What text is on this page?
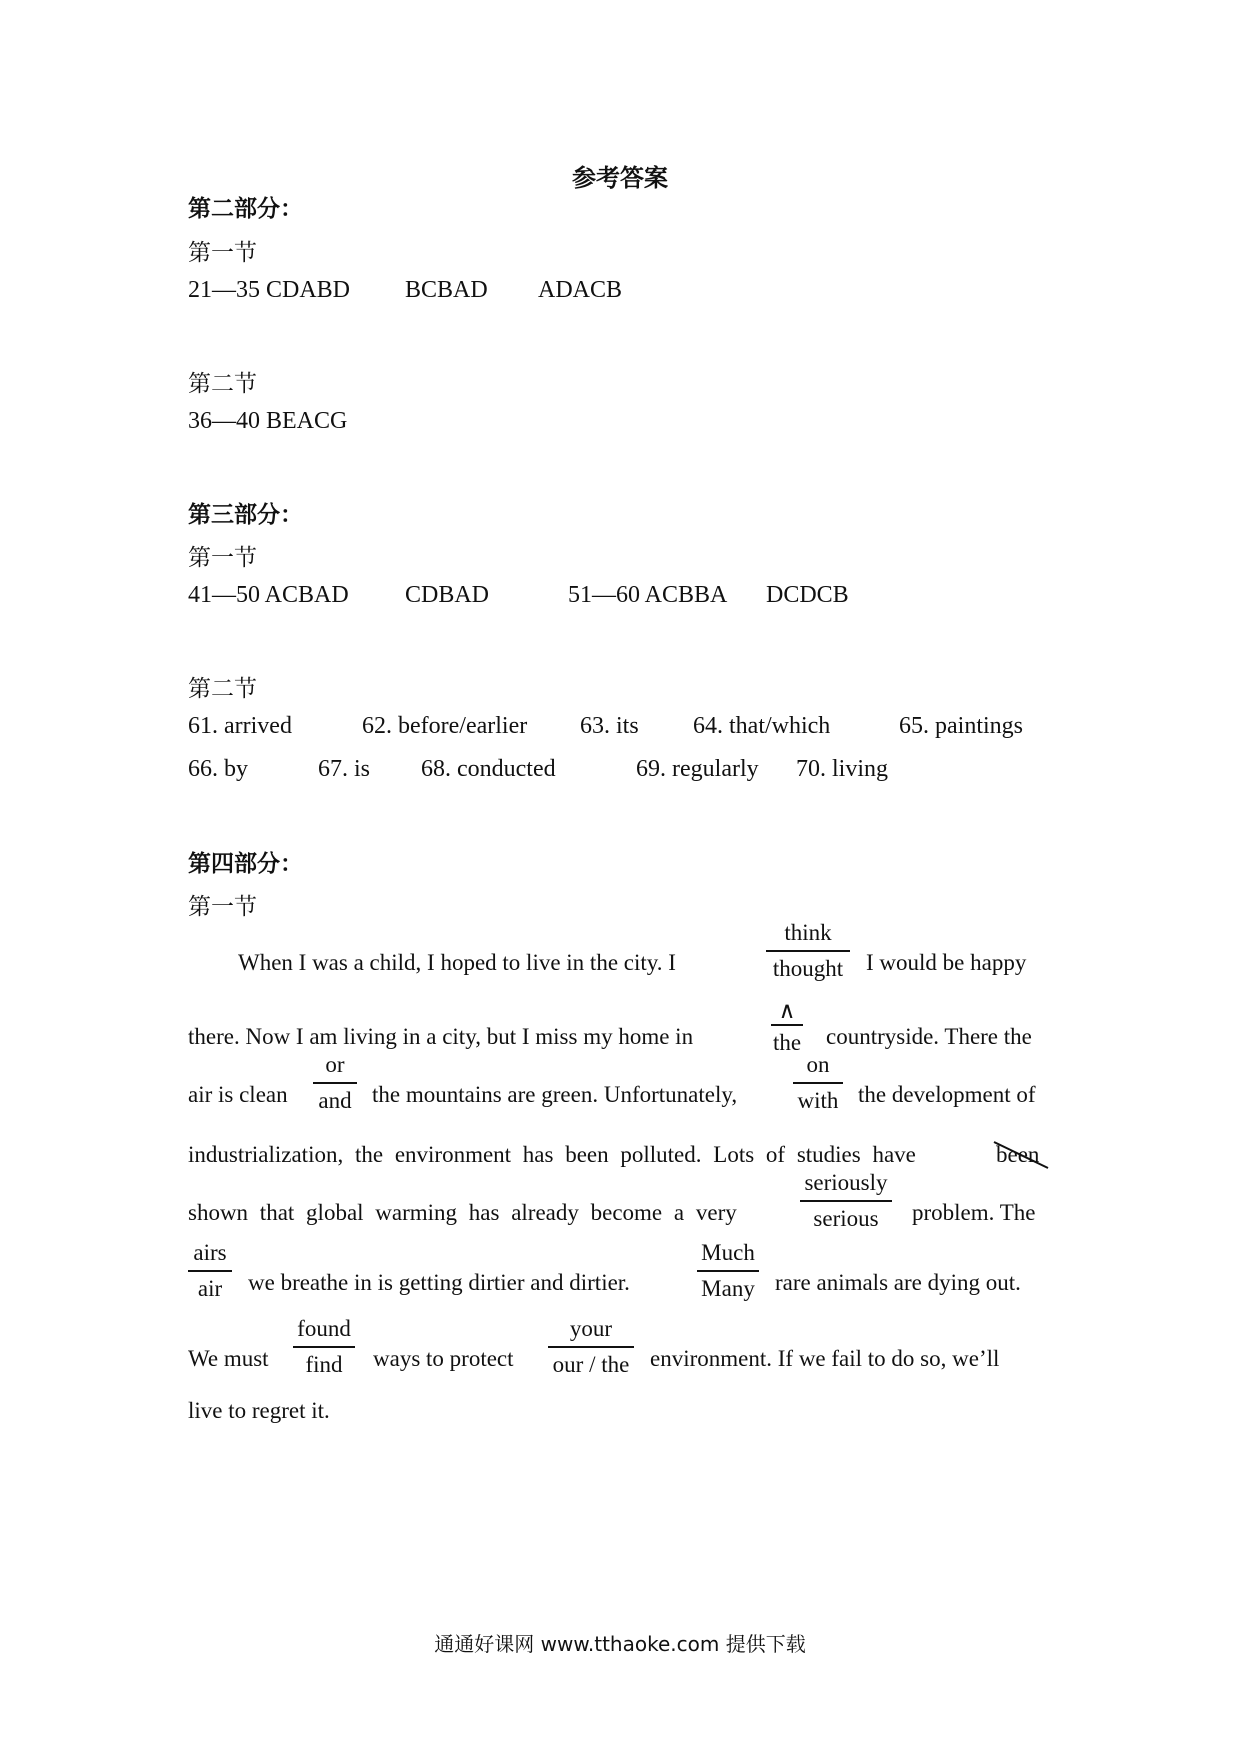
参考答案
第二部分：
第一节
21—35 CDABD BCBAD ADACB
第二节
36—40 BEACG
第三部分：
第一节
41—50 ACBAD CDBAD	51—60 ACBBA DCDCB
第二节
61. arrived	62. before/earlier 63. its 64. that/which	65. paintings
66. by	67. is 68. conducted	69. regularly 70. living
第四部分：
第一节
When I was a child, I hoped to live in the city. I
think
thought I would be happy
there. Now I am living in a city, but I miss my home in
∧
the countryside. There the
air is clean
or
and the mountains are green. Unfortunately,
on
with the development of
industrialization, the environment has been polluted. Lots of studies have	been
shown that global warming has already become a very
seriously
serious	problem. The
airs
air	we breathe in is getting dirtier and dirtier.
Much
Many rare animals are dying out.
We must
found
find	ways to protect
your
our / the environment. If we fail to do so, we’ll
live to regret it.
通通好课网 www.tthaoke.com 提供下载
